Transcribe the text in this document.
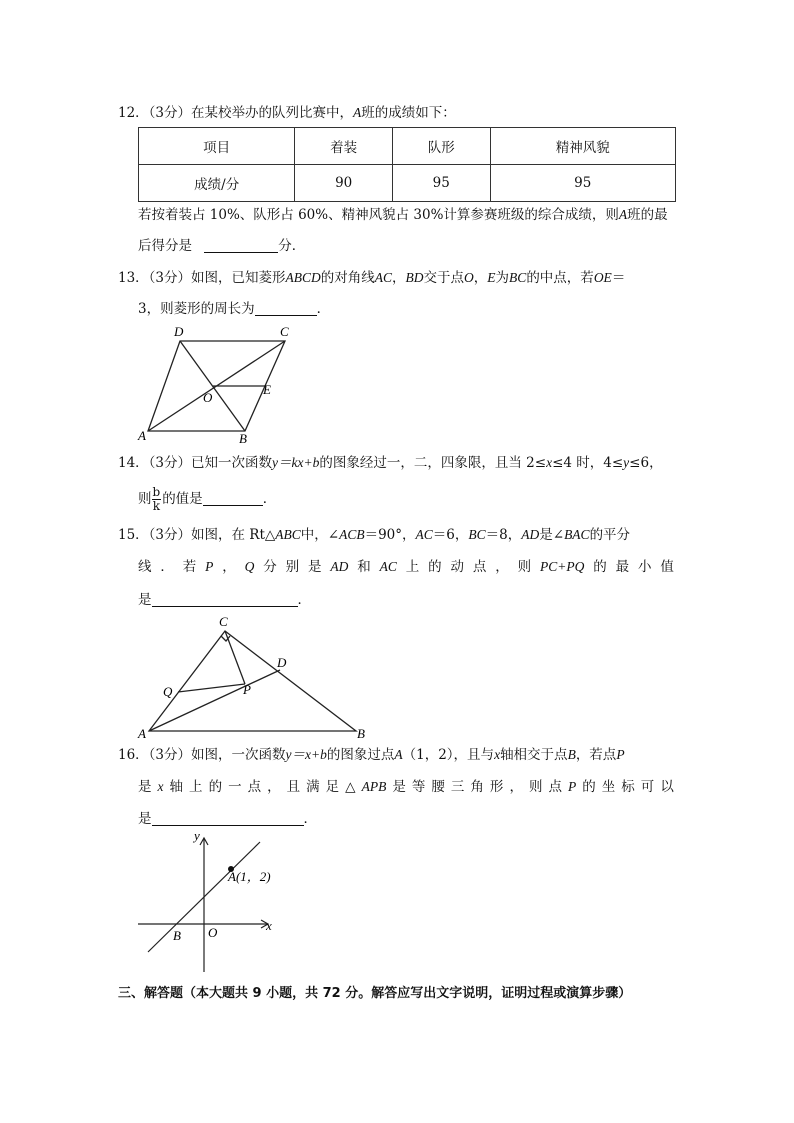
12．（3分）在某校举办的队列比赛中，A班的成绩如下：
项目	着装	队形	精神风貌
成绩/分	90	95	95
若按着装占 10%、队形占 60%、精神风貌占 30%计算参赛班级的综合成绩，则A班的最
后得分是	分．
13．（3分）如图，已知菱形ABCD的对角线AC，BD交于点O，E为BC的中点，若OE＝
3，则菱形的周长为	．
D	C
E
O
A	B
14．（3分）已知一次函数y＝kx+b的图象经过一，二，四象限，且当 2≤x≤4 时，4≤y≤6，
则 $\frac{b}{k}$ 的值是	．
15．（3分）如图，在 Rt△ABC中，∠ACB＝90°，AC＝6，BC＝8，AD是∠BAC的平分
线 ． 若 P ， Q 分 别 是 AD 和 AC 上 的 动 点 ， 则 PC+PQ 的 最 小 值
是	．
C
D
Q	P
A	B
16．（3分）如图，一次函数y＝x+b的图象过点A（1，2），且与x轴相交于点B，若点P
是 x 轴 上 的 一 点 ， 且 满 足 △ APB 是 等 腰 三 角 形 ， 则 点 P 的 坐 标 可 以
是	．
y
x
A(1，2)
B O
三、解答题（本大题共 9 小题，共 72 分。解答应写出文字说明，证明过程或演算步骤）
